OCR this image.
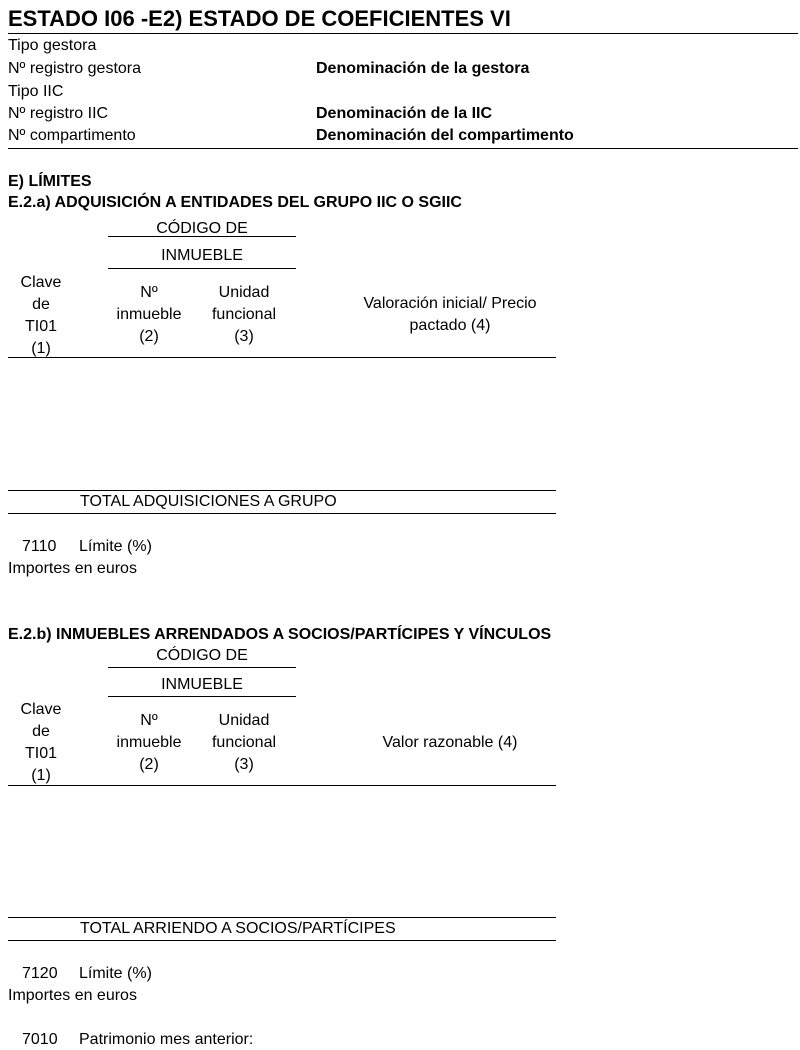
ESTADO I06 -E2) ESTADO DE COEFICIENTES VI
Tipo gestora
Nº registro gestora	Denominación de la gestora
Tipo IIC
Nº registro IIC	Denominación de la IIC
Nº compartimento	Denominación del compartimento
E) LÍMITES
E.2.a) ADQUISICIÓN A ENTIDADES DEL GRUPO IIC O SGIIC
CÓDIGO DE
INMUEBLE
Clave
de
TI01
(1)
Nº
inmueble
(2)
Unidad
funcional
(3)
Valoración inicial/ Precio
pactado (4)
TOTAL ADQUISICIONES A GRUPO
7110 Límite (%)
Importes en euros
E.2.b) INMUEBLES ARRENDADOS A SOCIOS/PARTÍCIPES Y VÍNCULOS
CÓDIGO DE
INMUEBLE
Clave
de
TI01
(1)
Nº
inmueble
(2)
Unidad
funcional
(3)
Valor razonable (4)
TOTAL ARRIENDO A SOCIOS/PARTÍCIPES
7120 Límite (%)
Importes en euros
7010 Patrimonio mes anterior:
